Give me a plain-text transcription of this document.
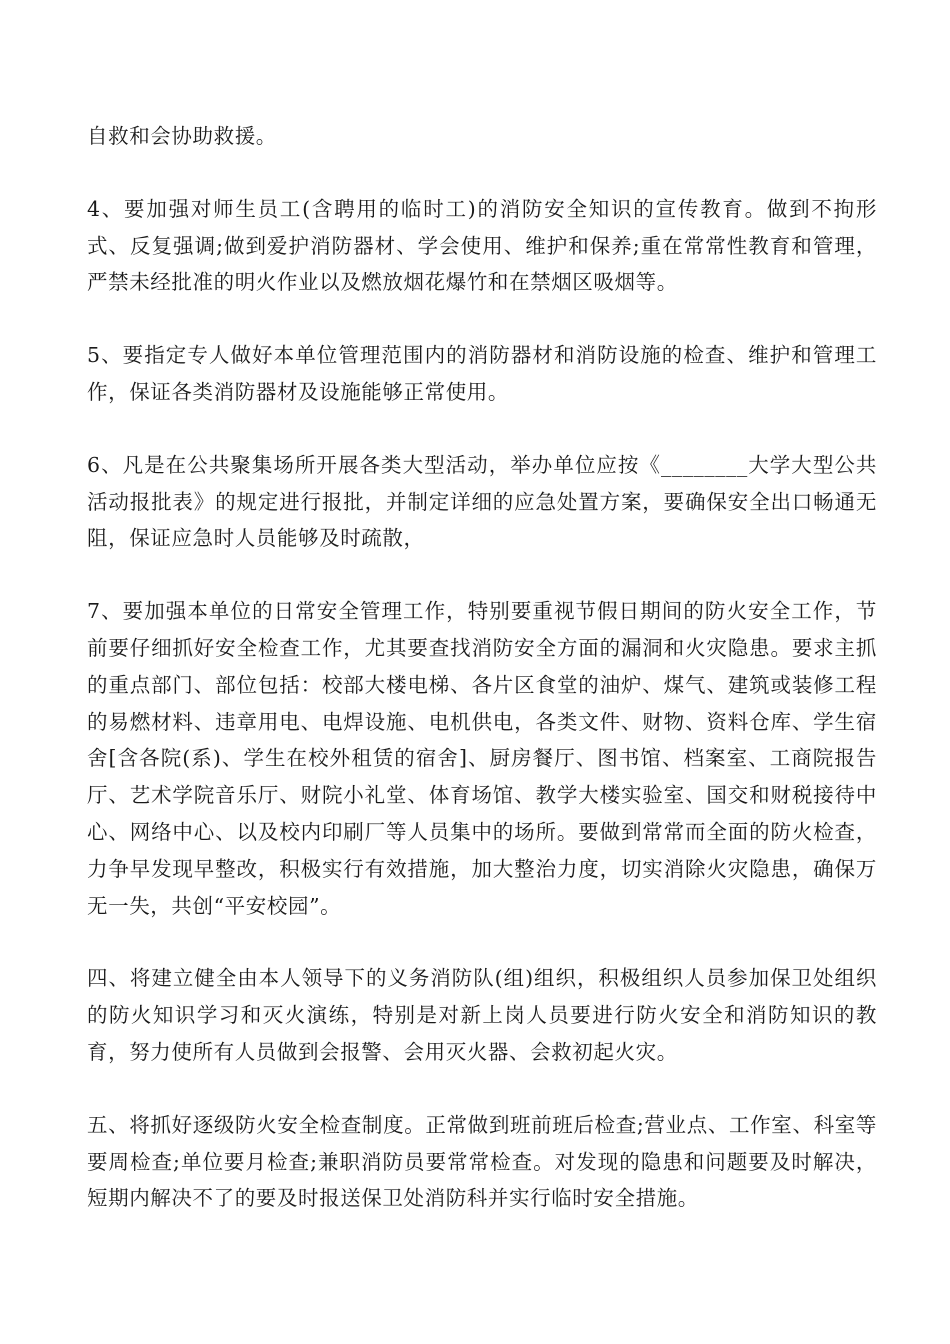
自救和会协助救援。

4、要加强对师生员工(含聘用的临时工)的消防安全知识的宣传教育。做到不拘形式、反复强调;做到爱护消防器材、学会使用、维护和保养;重在常常性教育和管理，严禁未经批准的明火作业以及燃放烟花爆竹和在禁烟区吸烟等。

5、要指定专人做好本单位管理范围内的消防器材和消防设施的检查、维护和管理工作，保证各类消防器材及设施能够正常使用。

6、凡是在公共聚集场所开展各类大型活动，举办单位应按《________大学大型公共活动报批表》的规定进行报批，并制定详细的应急处置方案，要确保安全出口畅通无阻，保证应急时人员能够及时疏散，

7、要加强本单位的日常安全管理工作，特别要重视节假日期间的防火安全工作，节前要仔细抓好安全检查工作，尤其要查找消防安全方面的漏洞和火灾隐患。要求主抓的重点部门、部位包括：校部大楼电梯、各片区食堂的油炉、煤气、建筑或装修工程的易燃材料、违章用电、电焊设施、电机供电，各类文件、财物、资料仓库、学生宿舍[含各院(系)、学生在校外租赁的宿舍]、厨房餐厅、图书馆、档案室、工商院报告厅、艺术学院音乐厅、财院小礼堂、体育场馆、教学大楼实验室、国交和财税接待中心、网络中心、以及校内印刷厂等人员集中的场所。要做到常常而全面的防火检查，力争早发现早整改，积极实行有效措施，加大整治力度，切实消除火灾隐患，确保万无一失，共创“平安校园”。

四、将建立健全由本人领导下的义务消防队(组)组织，积极组织人员参加保卫处组织的防火知识学习和灭火演练，特别是对新上岗人员要进行防火安全和消防知识的教育，努力使所有人员做到会报警、会用灭火器、会救初起火灾。

五、将抓好逐级防火安全检查制度。正常做到班前班后检查;营业点、工作室、科室等要周检查;单位要月检查;兼职消防员要常常检查。对发现的隐患和问题要及时解决，短期内解决不了的要及时报送保卫处消防科并实行临时安全措施。
